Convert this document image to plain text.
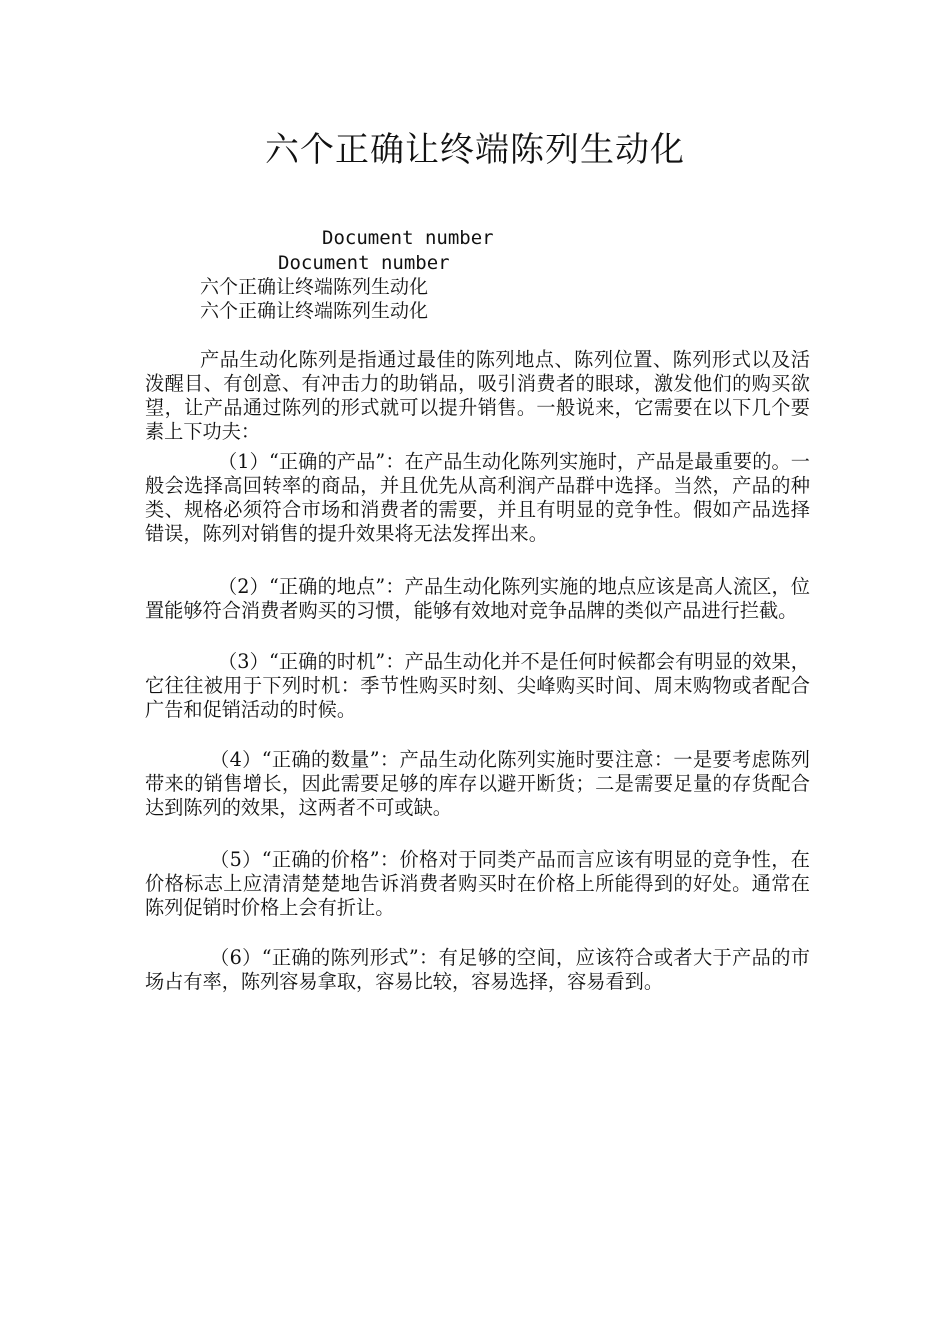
六个正确让终端陈列生动化
Document number
Document number
六个正确让终端陈列生动化
六个正确让终端陈列生动化
产品生动化陈列是指通过最佳的陈列地点、陈列位置、陈列形式以及活泼醒目、有创意、有冲击力的助销品，吸引消费者的眼球，激发他们的购买欲望，让产品通过陈列的形式就可以提升销售。一般说来，它需要在以下几个要素上下功夫：
（1）“正确的产品”：在产品生动化陈列实施时，产品是最重要的。一般会选择高回转率的商品，并且优先从高利润产品群中选择。当然，产品的种类、规格必须符合市场和消费者的需要，并且有明显的竞争性。假如产品选择错误，陈列对销售的提升效果将无法发挥出来。
（2）“正确的地点”：产品生动化陈列实施的地点应该是高人流区，位置能够符合消费者购买的习惯，能够有效地对竞争品牌的类似产品进行拦截。
（3）“正确的时机”：产品生动化并不是任何时候都会有明显的效果，它往往被用于下列时机：季节性购买时刻、尖峰购买时间、周末购物或者配合广告和促销活动的时候。
（4）“正确的数量”：产品生动化陈列实施时要注意：一是要考虑陈列带来的销售增长，因此需要足够的库存以避开断货；二是需要足量的存货配合达到陈列的效果，这两者不可或缺。
（5）“正确的价格”：价格对于同类产品而言应该有明显的竞争性，在价格标志上应清清楚楚地告诉消费者购买时在价格上所能得到的好处。通常在陈列促销时价格上会有折让。
（6）“正确的陈列形式”：有足够的空间，应该符合或者大于产品的市场占有率，陈列容易拿取，容易比较，容易选择，容易看到。
